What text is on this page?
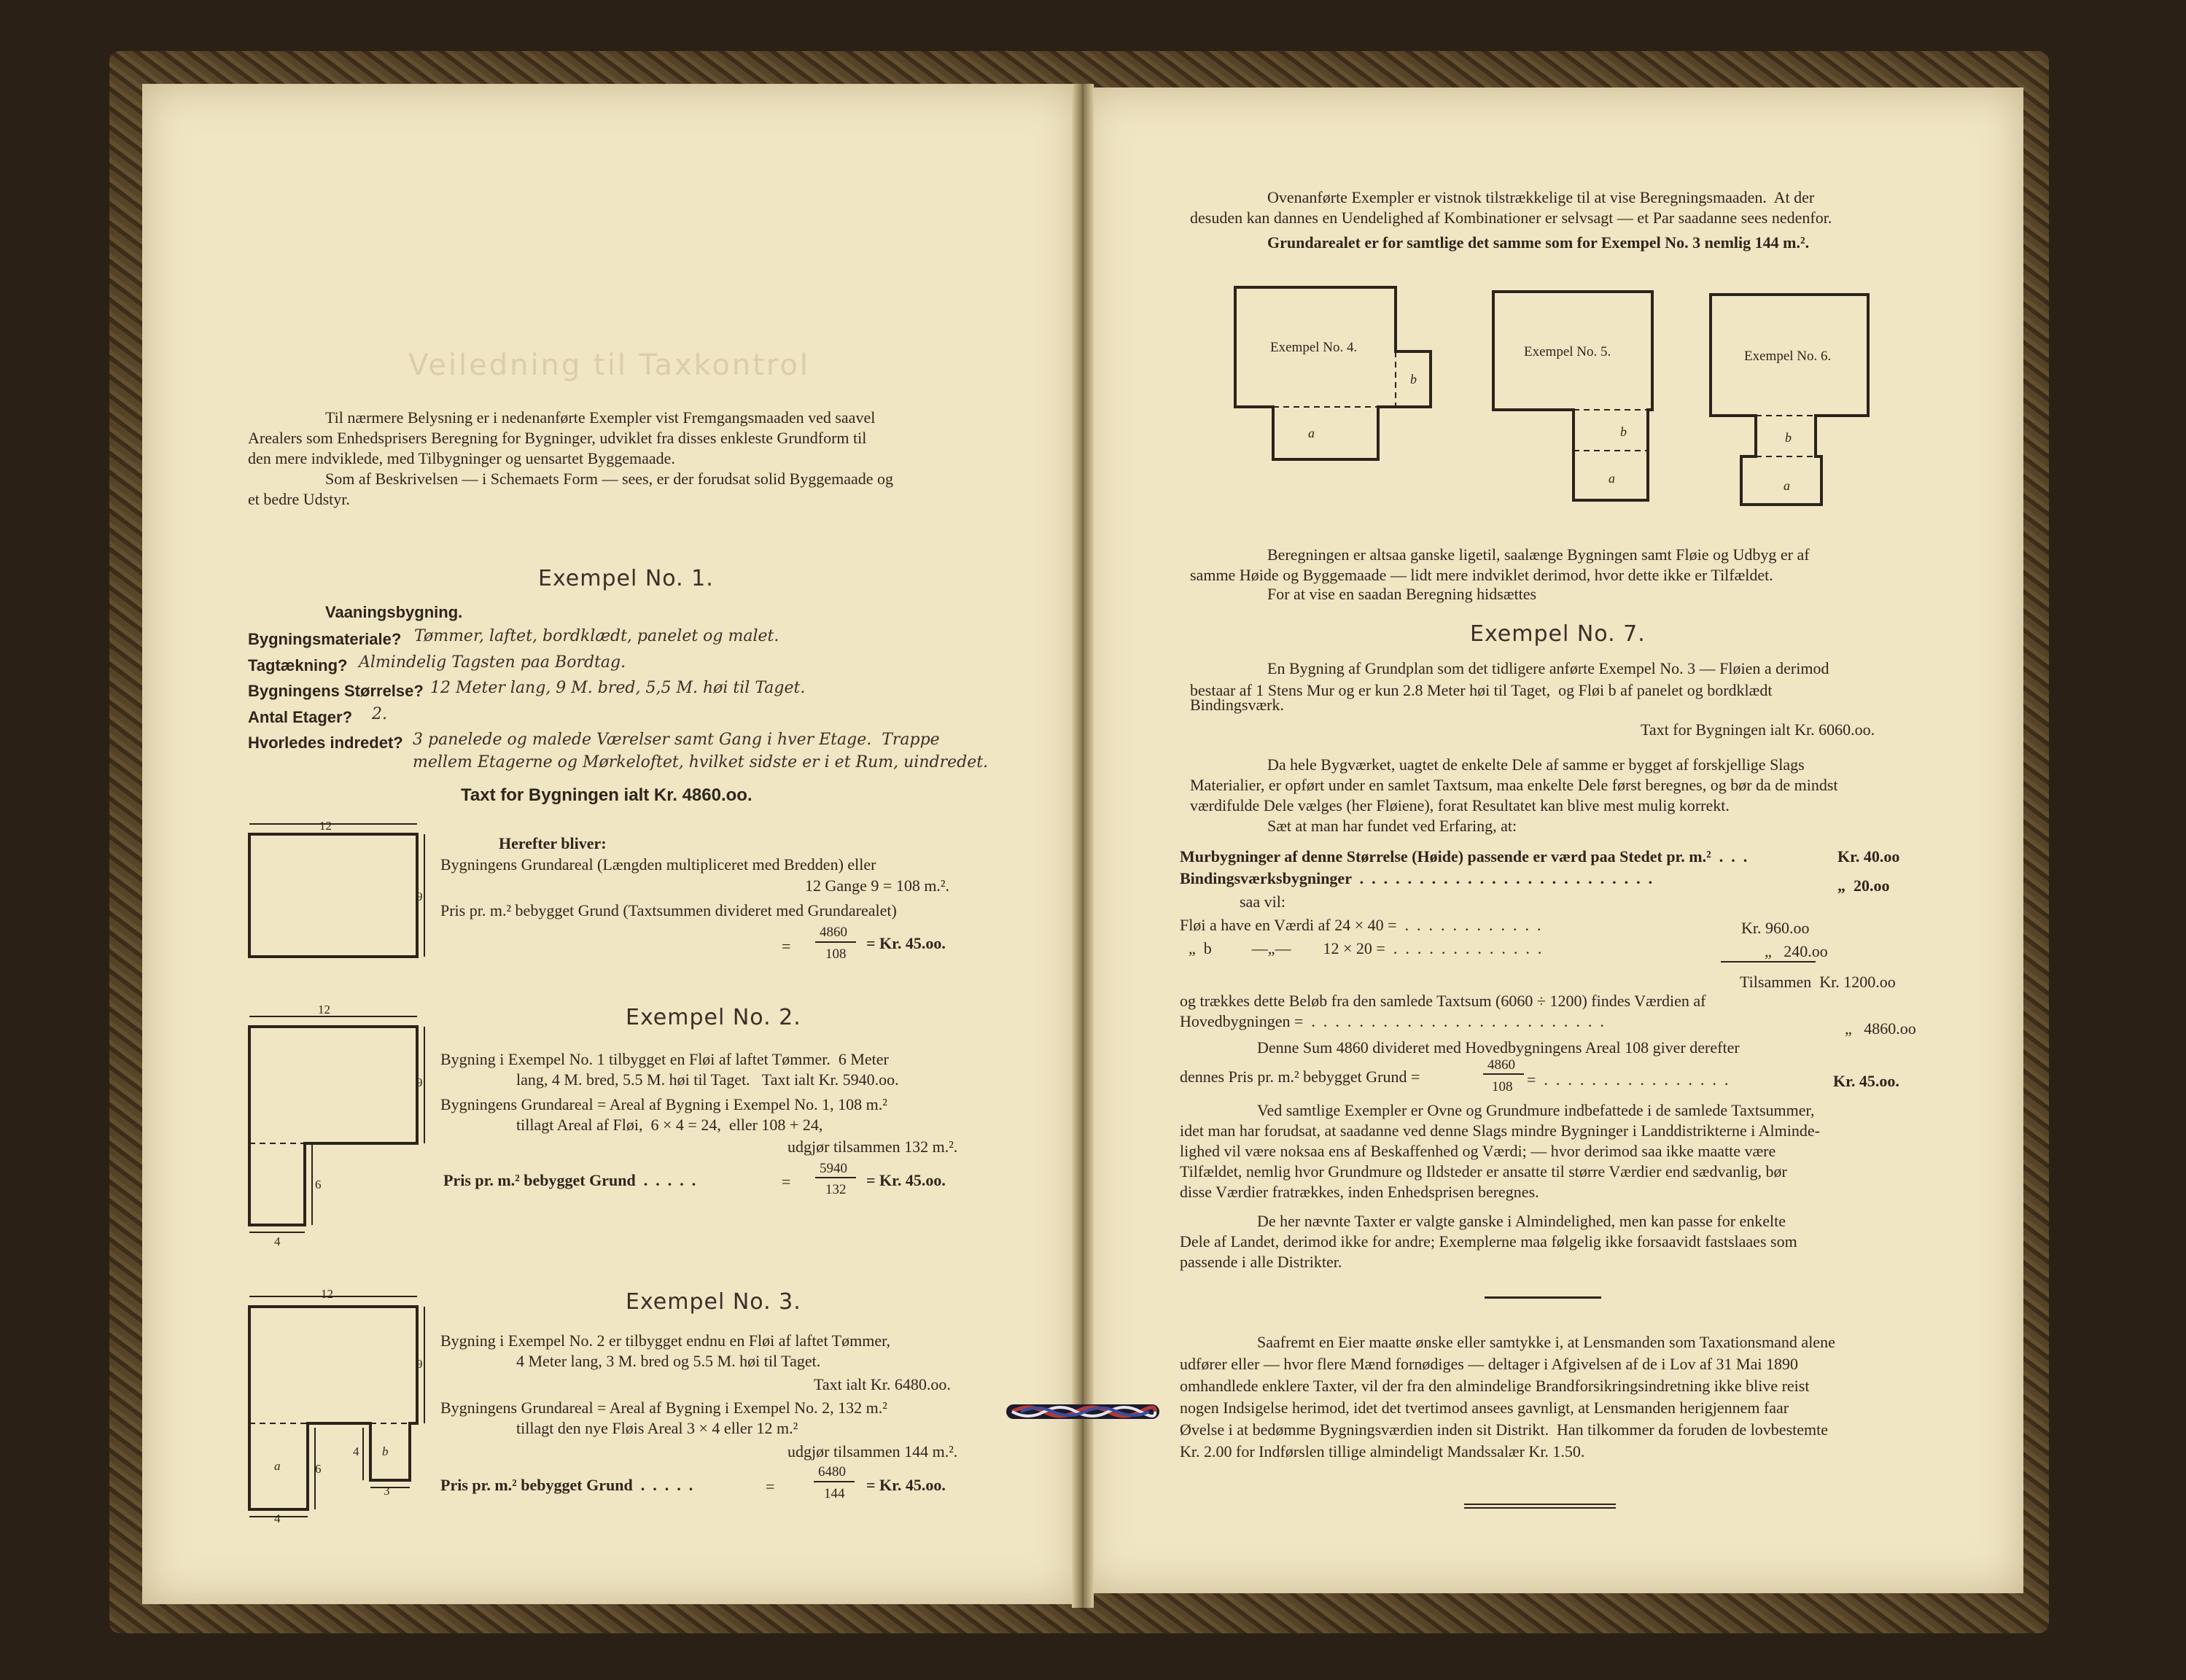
Veiledning til Taxkontrol
Til nærmere Belysning er i nedenanførte Exempler vist Fremgangsmaaden ved saavel
Arealers som Enhedsprisers Beregning for Bygninger, udviklet fra disses enkleste Grundform til
den mere indviklede, med Tilbygninger og uensartet Byggemaade.
Som af Beskrivelsen — i Schemaets Form — sees, er der forudsat solid Byggemaade og
et bedre Udstyr.
Exempel No. 1.
Vaaningsbygning.
Bygningsmateriale? Tømmer, laftet, bordklædt, panelet og malet.
Tagtækning? Almindelig Tagsten paa Bordtag.
Bygningens Størrelse? 12 Meter lang, 9 M. bred, 5,5 M. høi til Taget.
Antal Etager? 2.
Hvorledes indredet? 3 panelede og malede Værelser samt Gang i hver Etage.  Trappe
mellem Etagerne og Mørkeloftet, hvilket sidste er i et Rum, uindredet.
Taxt for Bygningen ialt Kr. 4860.oo.
12
9
Herefter bliver:
Bygningens Grundareal (Længden multipliceret med Bredden) eller
12 Gange 9 = 108 m.².
Pris pr. m.² bebygget Grund (Taxtsummen divideret med Grundarealet)
=
4860
108
= Kr. 45.oo.
Exempel No. 2.
12
9
6
4
Bygning i Exempel No. 1 tilbygget en Fløi af laftet Tømmer.  6 Meter
lang, 4 M. bred, 5.5 M. høi til Taget.   Taxt ialt Kr. 5940.oo.
Bygningens Grundareal = Areal af Bygning i Exempel No. 1, 108 m.²
tillagt Areal af Fløi,  6 × 4 = 24,  eller 108 + 24,
udgjør tilsammen 132 m.².
Pris pr. m.² bebygget Grund  .  .  .  .  .	=
5940
132
= Kr. 45.oo.
Exempel No. 3.
12
9
a	6
4 b
3
4
Bygning i Exempel No. 2 er tilbygget endnu en Fløi af laftet Tømmer,
4 Meter lang, 3 M. bred og 5.5 M. høi til Taget.
Taxt ialt Kr. 6480.oo.
Bygningens Grundareal = Areal af Bygning i Exempel No. 2, 132 m.²
tillagt den nye Fløis Areal 3 × 4 eller 12 m.²
udgjør tilsammen 144 m.².
Pris pr. m.² bebygget Grund  .  .  .  .  .	=
6480
144 = Kr. 45.oo.
Ovenanførte Exempler er vistnok tilstrækkelige til at vise Beregningsmaaden.  At der
desuden kan dannes en Uendelighed af Kombinationer er selvsagt — et Par saadanne sees nedenfor.
Grundarealet er for samtlige det samme som for Exempel No. 3 nemlig 144 m.².
Exempel No. 4.	Exempel No. 5.	Exempel No. 6.
a
b
b
a
b
a
Beregningen er altsaa ganske ligetil, saalænge Bygningen samt Fløie og Udbyg er af
samme Høide og Byggemaade — lidt mere indviklet derimod, hvor dette ikke er Tilfældet.
For at vise en saadan Beregning hidsættes
Exempel No. 7.
En Bygning af Grundplan som det tidligere anførte Exempel No. 3 — Fløien a derimod
bestaar af 1 Stens Mur og er kun 2.8 Meter høi til Taget,  og Fløi b af panelet og bordklædt
Bindingsværk.
Taxt for Bygningen ialt Kr. 6060.oo.
Da hele Bygværket, uagtet de enkelte Dele af samme er bygget af forskjellige Slags
Materialier, er opført under en samlet Taxtsum, maa enkelte Dele først beregnes, og bør da de mindst
værdifulde Dele vælges (her Fløiene), forat Resultatet kan blive mest mulig korrekt.
Sæt at man har fundet ved Erfaring, at:
Murbygninger af denne Størrelse (Høide) passende er værd paa Stedet pr. m.²  .  .  .	Kr. 40.oo
Bindingsværksbygninger  .  .  .  .  .  .  .  .  .  .  .  .  .  .  .  .  .  .  .  .  .  .  .  .  .	„  20.oo
saa vil:
Fløi a have en Værdi af 24 × 40 =  .  .  .  .  .  .  .  .  .  .  .  .	Kr. 960.oo
„  b          —„—        12 × 20 =  .  .  .  .  .  .  .  .  .  .  .  .  .	„   240.oo
Tilsammen  Kr. 1200.oo
og trækkes dette Beløb fra den samlede Taxtsum (6060 ÷ 1200) findes Værdien af
Hovedbygningen =  .  .  .  .  .  .  .  .  .  .  .  .  .  .  .  .  .  .  .  .  .  .  .  .  .	„   4860.oo
Denne Sum 4860 divideret med Hovedbygningens Areal 108 giver derefter
dennes Pris pr. m.² bebygget Grund =
4860
108 =  .  .  .  .  .  .  .  .  .  .  .  .  .  .  .  .	Kr. 45.oo.
Ved samtlige Exempler er Ovne og Grundmure indbefattede i de samlede Taxtsummer,
idet man har forudsat, at saadanne ved denne Slags mindre Bygninger i Landdistrikterne i Alminde-
lighed vil være noksaa ens af Beskaffenhed og Værdi; — hvor derimod saa ikke maatte være
Tilfældet, nemlig hvor Grundmure og Ildsteder er ansatte til større Værdier end sædvanlig, bør
disse Værdier fratrækkes, inden Enhedsprisen beregnes.
De her nævnte Taxter er valgte ganske i Almindelighed, men kan passe for enkelte
Dele af Landet, derimod ikke for andre; Exemplerne maa følgelig ikke forsaavidt fastslaaes som
passende i alle Distrikter.
Saafremt en Eier maatte ønske eller samtykke i, at Lensmanden som Taxationsmand alene
udfører eller — hvor flere Mænd fornødiges — deltager i Afgivelsen af de i Lov af 31 Mai 1890
omhandlede enklere Taxter, vil der fra den almindelige Brandforsikringsindretning ikke blive reist
nogen Indsigelse herimod, idet det tvertimod ansees gavnligt, at Lensmanden herigjennem faar
Øvelse i at bedømme Bygningsværdien inden sit Distrikt.  Han tilkommer da foruden de lovbestemte
Kr. 2.00 for Indførslen tillige almindeligt Mandssalær Kr. 1.50.
